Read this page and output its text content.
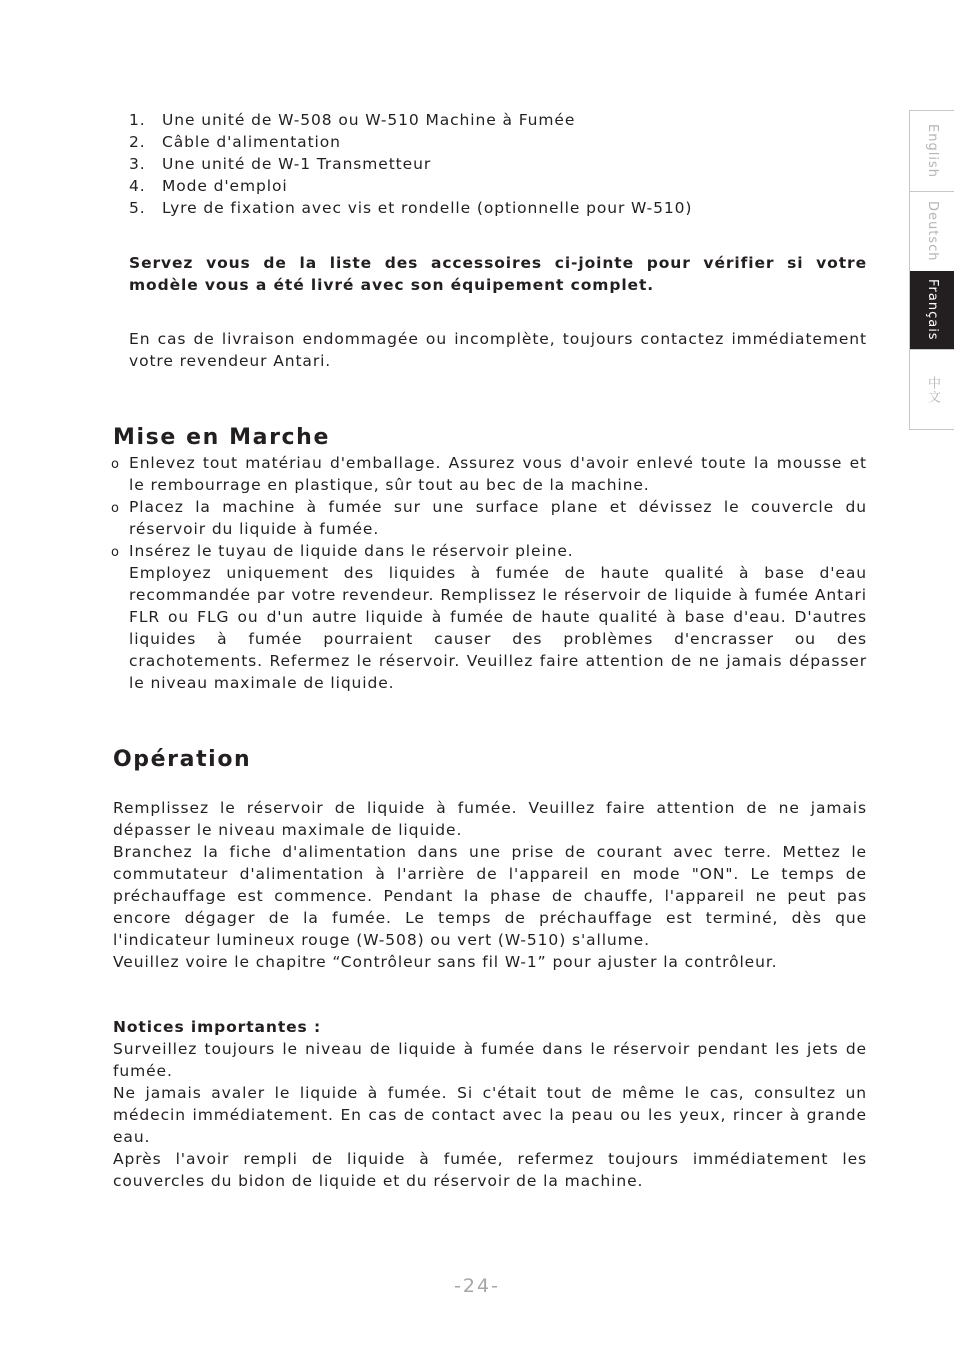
1.	Une unité de W-508 ou W-510 Machine à Fumée
2.	Câble d'alimentation
3.	Une unité de W-1 Transmetteur
4.	Mode d'emploi
5.	Lyre de fixation avec vis et rondelle (optionnelle pour W-510)

Servez vous de la liste des accessoires ci-jointe pour vérifier si votre modèle vous a été livré avec son équipement complet.

En cas de livraison endommagée ou incomplète, toujours contactez immédiatement votre revendeur Antari.

Mise en Marche
o Enlevez tout matériau d'emballage. Assurez vous d'avoir enlevé toute la mousse et le rembourrage en plastique, sûr tout au bec de la machine.
o Placez la machine à fumée sur une surface plane et dévissez le couvercle du réservoir du liquide à fumée.
o Insérez le tuyau de liquide dans le réservoir pleine.
Employez uniquement des liquides à fumée de haute qualité à base d'eau recommandée par votre revendeur. Remplissez le réservoir de liquide à fumée Antari FLR ou FLG ou d'un autre liquide à fumée de haute qualité à base d'eau. D'autres liquides à fumée pourraient causer des problèmes d'encrasser ou des crachotements. Refermez le réservoir. Veuillez faire attention de ne jamais dépasser le niveau maximale de liquide.
Opération
Remplissez le réservoir de liquide à fumée. Veuillez faire attention de ne jamais dépasser le niveau maximale de liquide.
Branchez la fiche d'alimentation dans une prise de courant avec terre. Mettez le commutateur d'alimentation à l'arrière de l'appareil en mode "ON". Le temps de préchauffage est commence. Pendant la phase de chauffe, l'appareil ne peut pas encore dégager de la fumée. Le temps de préchauffage est terminé, dès que l'indicateur lumineux rouge (W-508) ou vert (W-510) s'allume.
Veuillez voire le chapitre “Contrôleur sans fil W-1” pour ajuster la contrôleur.
Notices importantes :
Surveillez toujours le niveau de liquide à fumée dans le réservoir pendant les jets de fumée.
Ne jamais avaler le liquide à fumée. Si c'était tout de même le cas, consultez un médecin immédiatement. En cas de contact avec la peau ou les yeux, rincer à grande eau.
Après l'avoir rempli de liquide à fumée, refermez toujours immédiatement les couvercles du bidon de liquide et du réservoir de la machine.
English
Deutsch
Français
中文
-24-
